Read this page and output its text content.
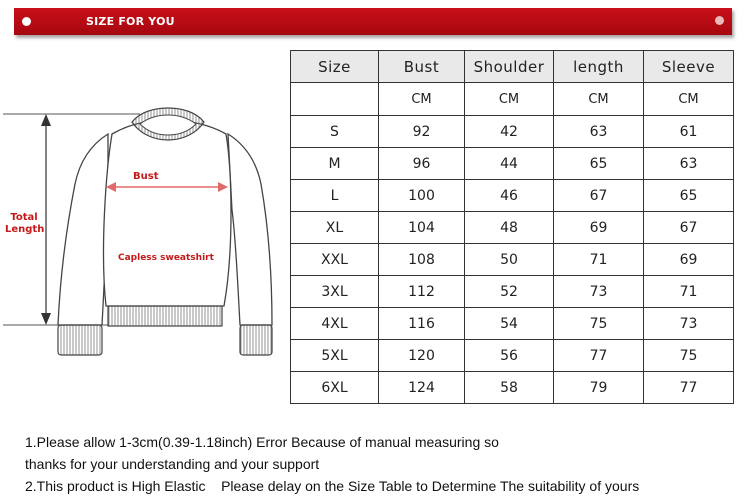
SIZE FOR YOU
Total
Length
Bust
Capless sweatshirt
Size	Bust	Shoulder	length	Sleeve
	CM	CM	CM	CM
S	92	42	63	61
M	96	44	65	63
L	100	46	67	65
XL	104	48	69	67
XXL	108	50	71	69
3XL	112	52	73	71
4XL	116	54	75	73
5XL	120	56	77	75
6XL	124	58	79	77

1.Please allow 1-3cm(0.39-1.18inch) Error Because of manual measuring so

thanks for your understanding and your support

2.This product is High Elastic    Please delay on the Size Table to Determine The suitability of yours
